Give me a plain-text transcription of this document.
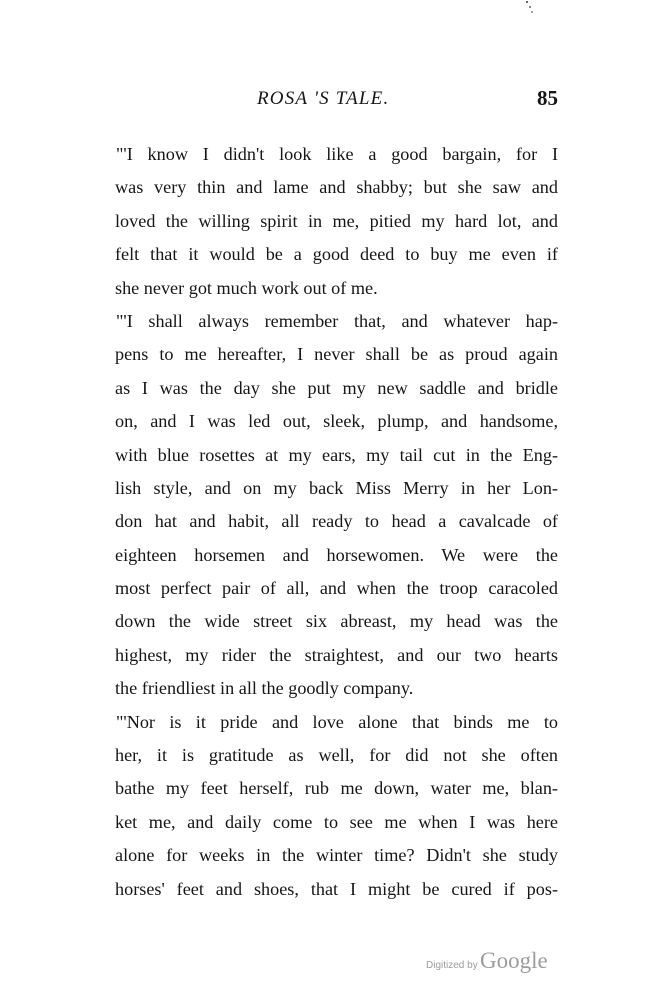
ROSA 'S TALE.	85
"'I know I didn't look like a good bargain, for I
was very thin and lame and shabby; but she saw and
loved the willing spirit in me, pitied my hard lot, and
felt that it would be a good deed to buy me even if
she never got much work out of me.
"'I shall always remember that, and whatever hap-
pens to me hereafter, I never shall be as proud again
as I was the day she put my new saddle and bridle
on, and I was led out, sleek, plump, and handsome,
with blue rosettes at my ears, my tail cut in the Eng-
lish style, and on my back Miss Merry in her Lon-
don hat and habit, all ready to head a cavalcade of
eighteen horsemen and horsewomen. We were the
most perfect pair of all, and when the troop caracoled
down the wide street six abreast, my head was the
highest, my rider the straightest, and our two hearts
the friendliest in all the goodly company.
"'Nor is it pride and love alone that binds me to
her, it is gratitude as well, for did not she often
bathe my feet herself, rub me down, water me, blan-
ket me, and daily come to see me when I was here
alone for weeks in the winter time? Didn't she study
horses' feet and shoes, that I might be cured if pos-
Digitized by Google
